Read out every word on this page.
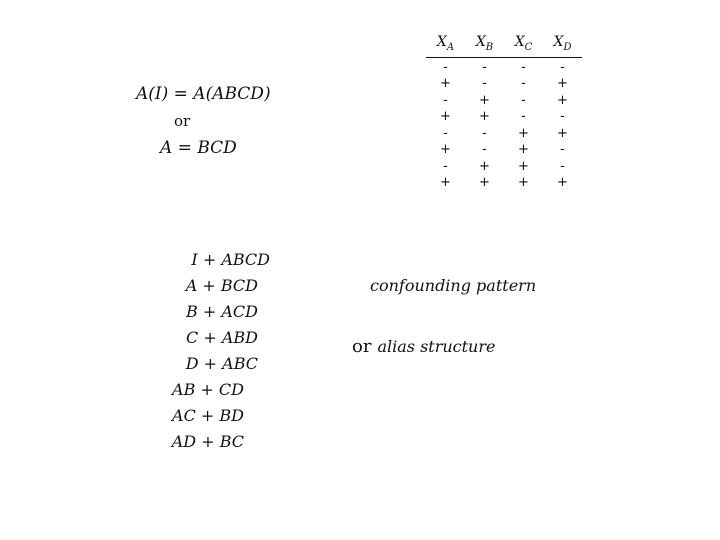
A(I) = A(ABCD)
or
A = BCD
$X_A$	$X_B$	$X_C$	$X_D$
-	-	-	-
+	-	-	+
-	+	-	+
+	+	-	-
-	-	+	+
+	-	+	-
-	+	+	-
+	+	+	+
I + ABCD
A + BCD
B + ACD
C + ABD
D + ABC
AB + CD
AC + BD
AD + BC
confounding pattern
or alias structure
